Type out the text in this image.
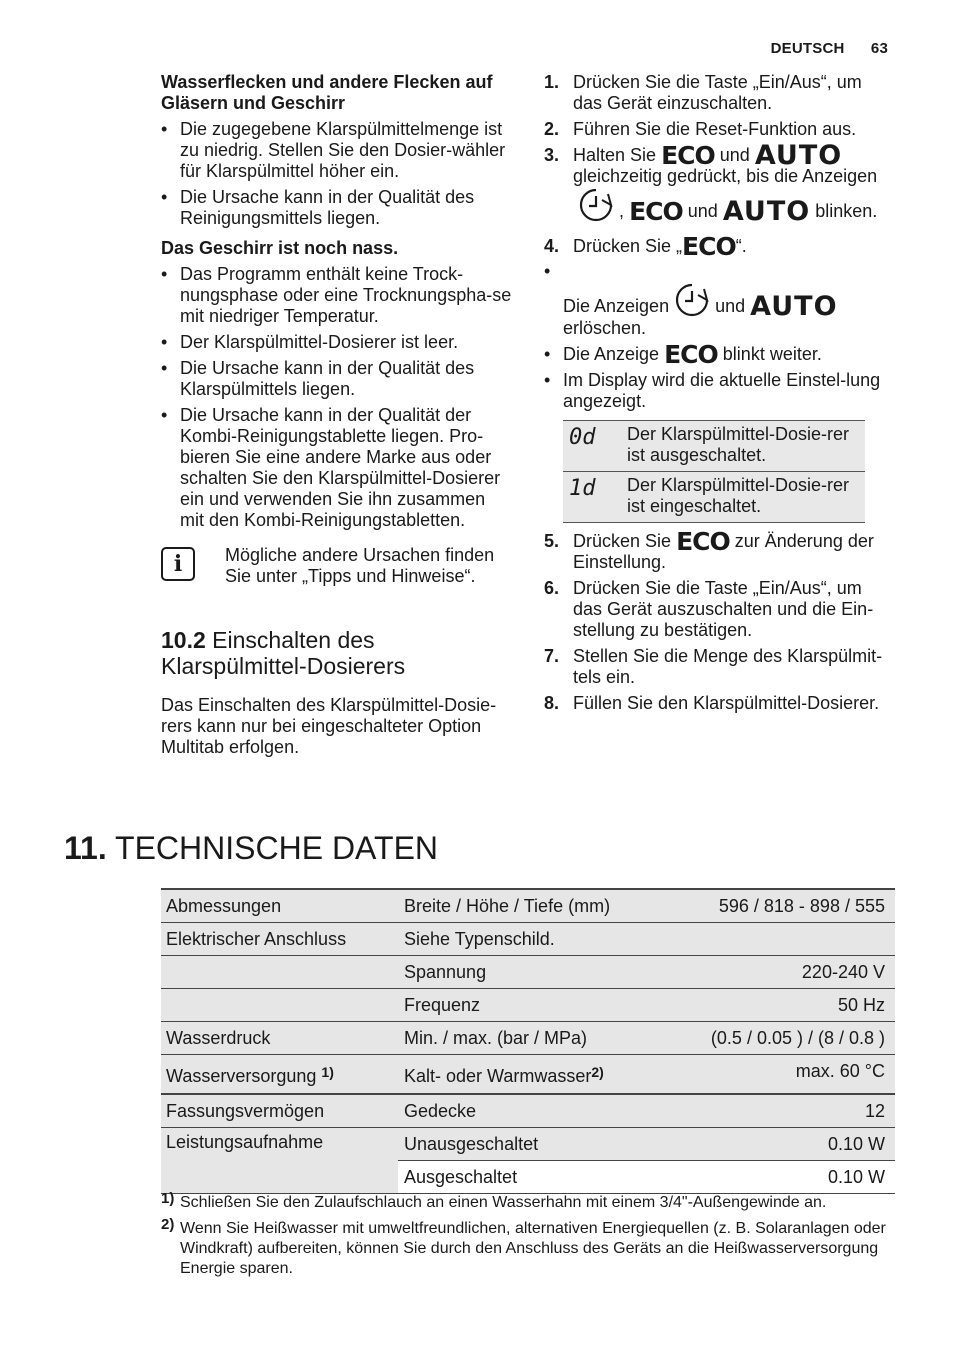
DEUTSCH 63

Wasserflecken und andere Flecken auf Gläsern und Geschirr

• Die zugegebene Klarspülmittelmenge ist zu niedrig. Stellen Sie den Dosier-wähler für Klarspülmittel höher ein.
• Die Ursache kann in der Qualität des Reinigungsmittels liegen.

Das Geschirr ist noch nass.

• Das Programm enthält keine Trock-nungsphase oder eine Trocknungspha-se mit niedriger Temperatur.
• Der Klarspülmittel-Dosierer ist leer.
• Die Ursache kann in der Qualität des Klarspülmittels liegen.
• Die Ursache kann in der Qualität der Kombi-Reinigungstablette liegen. Pro-bieren Sie eine andere Marke aus oder schalten Sie den Klarspülmittel-Dosierer ein und verwenden Sie ihn zusammen mit den Kombi-Reinigungstabletten.
i	Mögliche andere Ursachen finden Sie unter „Tipps und Hinweise“.
10.2 Einschalten des Klarspülmittel-Dosierers
Das Einschalten des Klarspülmittel-Dosie-rers kann nur bei eingeschalteter Option Multitab erfolgen.
1. Drücken Sie die Taste „Ein/Aus“, um das Gerät einzuschalten.
2. Führen Sie die Reset-Funktion aus.
3. Halten Sie ECO und AUTO gleichzeitig gedrückt, bis die Anzeigen
, ECO und AUTO blinken.
4. Drücken Sie „ECO“.

• Die Anzeigen	und AUTO
erlöschen.
• Die Anzeige ECO blinkt weiter.
• Im Display wird die aktuelle Einstel-lung angezeigt.
0d	Der Klarspülmittel-Dosie-rer ist ausgeschaltet.
1d	Der Klarspülmittel-Dosie-rer ist eingeschaltet.
5. Drücken Sie ECO zur Änderung der Einstellung.
6. Drücken Sie die Taste „Ein/Aus“, um das Gerät auszuschalten und die Ein-stellung zu bestätigen.
7. Stellen Sie die Menge des Klarspülmit-tels ein.
8. Füllen Sie den Klarspülmittel-Dosierer.
11. TECHNISCHE DATEN
Abmessungen	Breite / Höhe / Tiefe (mm)	596 / 818 - 898 / 555
Elektrischer Anschluss	Siehe Typenschild.	
	Spannung	220-240 V
	Frequenz	50 Hz
Wasserdruck	Min. / max. (bar / MPa)	(0.5 / 0.05 ) / (8 / 0.8 )
Wasserversorgung $^{1)}$	Kalt- oder Warmwasser$^{2)}$	max. 60 °C
Fassungsvermögen	Gedecke	12
Leistungsaufnahme	Unausgeschaltet	0.10 W
	Ausgeschaltet	0.10 W
1) Schließen Sie den Zulaufschlauch an einen Wasserhahn mit einem 3/4"-Außengewinde an.
2) Wenn Sie Heißwasser mit umweltfreundlichen, alternativen Energiequellen (z. B. Solaranlagen oder Windkraft) aufbereiten, können Sie durch den Anschluss des Geräts an die Heißwasserversorgung Energie sparen.
